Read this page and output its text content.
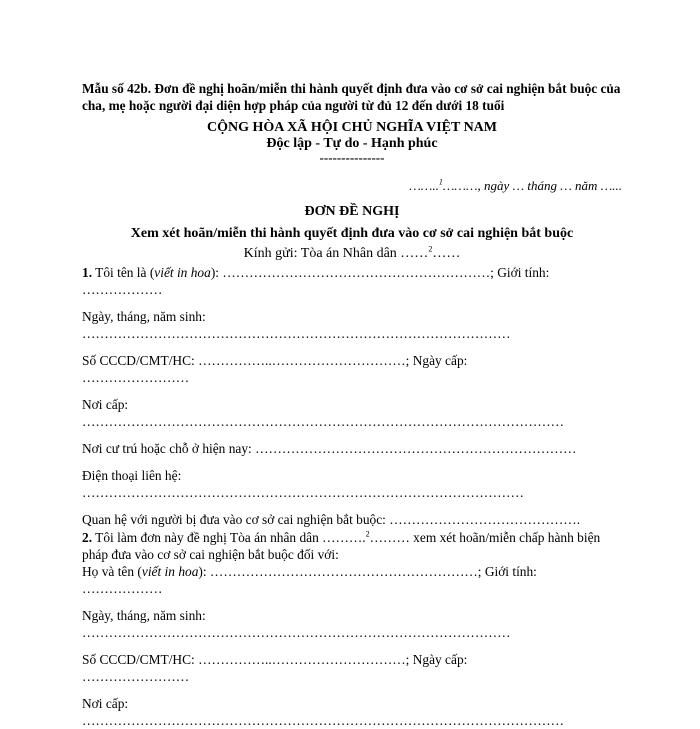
Mẫu số 42b. Đơn đề nghị hoãn/miễn thi hành quyết định đưa vào cơ sở cai nghiện bắt buộc của cha, mẹ hoặc người đại diện hợp pháp của người từ đủ 12 đến dưới 18 tuổi

CỘNG HÒA XÃ HỘI CHỦ NGHĨA VIỆT NAM
Độc lập - Tự do - Hạnh phúc
---------------
……..$^1$………, ngày … tháng … năm …...
ĐƠN ĐỀ NGHỊ
Xem xét hoãn/miễn thi hành quyết định đưa vào cơ sở cai nghiện bắt buộc
Kính gửi: Tòa án Nhân dân ……$^2$……

1. Tôi tên là (viết in hoa): ……………………………………………………; Giới tính:

………………

Ngày, tháng, năm sinh:

……………………………………………………………………………………

Số CCCD/CMT/HC: ……………..…………………………; Ngày cấp:

……………………

Nơi cấp:

………………………………………………………………………………………………

Nơi cư trú hoặc chỗ ở hiện nay: ………………………………………………………………

Điện thoại liên hệ:

………………………………………………………………………………………

Quan hệ với người bị đưa vào cơ sở cai nghiện bắt buộc: …………………………………….

2. Tôi làm đơn này đề nghị Tòa án nhân dân ……….$^2$……… xem xét hoãn/miễn chấp hành biện pháp đưa vào cơ sở cai nghiện bắt buộc đối với:

Họ và tên (viết in hoa): ……………………………………………………; Giới tính:

………………

Ngày, tháng, năm sinh:

……………………………………………………………………………………

Số CCCD/CMT/HC: ……………..…………………………; Ngày cấp:

……………………

Nơi cấp:

………………………………………………………………………………………………
